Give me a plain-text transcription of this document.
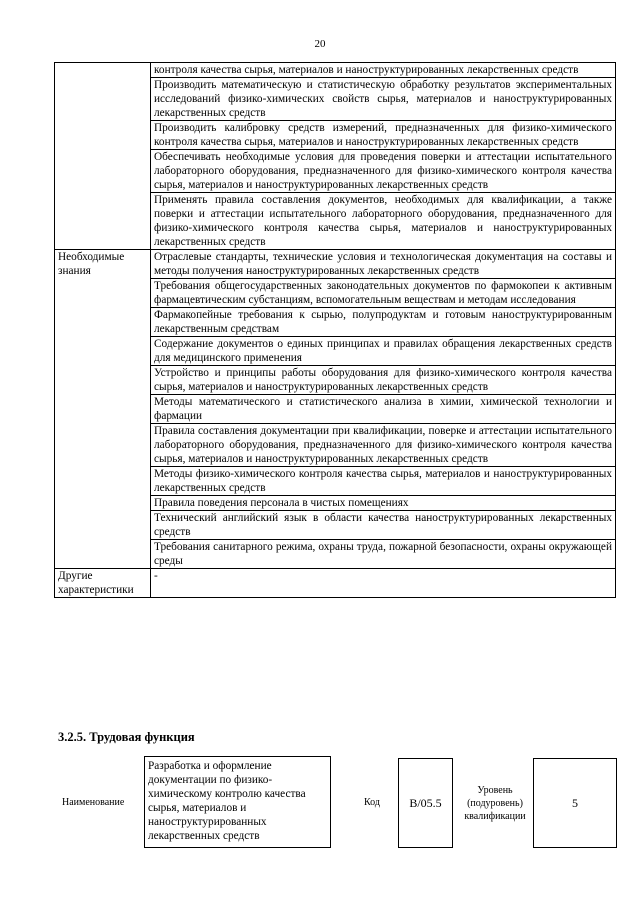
20
	контроля качества сырья, материалов и наноструктурированных лекарственных средств
	Производить математическую и статистическую обработку результатов экспериментальных исследований физико-химических свойств сырья, материалов и наноструктурированных лекарственных средств
	Производить калибровку средств измерений, предназначенных для физико-химического контроля качества сырья, материалов и наноструктурированных лекарственных средств
	Обеспечивать необходимые условия для проведения поверки и аттестации испытательного лабораторного оборудования, предназначенного для физико-химического контроля качества сырья, материалов и наноструктурированных лекарственных средств
	Применять правила составления документов, необходимых для квалификации, а также поверки и аттестации испытательного лабораторного оборудования, предназначенного для физико-химического контроля качества сырья, материалов и наноструктурированных лекарственных средств
Необходимые знания	Отраслевые стандарты, технические условия и технологическая документация на составы и методы получения наноструктурированных лекарственных средств
	Требования общегосударственных законодательных документов по фармокопеи к активным фармацевтическим субстанциям, вспомогательным веществам и методам исследования
	Фармакопейные требования к сырью, полупродуктам и готовым наноструктурированным лекарственным средствам
	Содержание документов о единых принципах и правилах обращения лекарственных средств для медицинского применения
	Устройство и принципы работы оборудования для физико-химического контроля качества сырья, материалов и наноструктурированных лекарственных средств
	Методы математического и статистического анализа в химии, химической технологии и фармации
	Правила составления документации при квалификации, поверке и аттестации испытательного лабораторного оборудования, предназначенного для физико-химического контроля качества сырья, материалов и наноструктурированных лекарственных средств
	Методы физико-химического контроля качества сырья, материалов и наноструктурированных лекарственных средств
	Правила поведения персонала в чистых помещениях
	Технический английский язык в области качества наноструктурированных лекарственных средств
	Требования санитарного режима, охраны труда, пожарной безопасности, охраны окружающей среды
Другие характеристики	-
3.2.5. Трудовая функция
Наименование
Разработка и оформление документации по физико-химическому контролю качества сырья, материалов и наноструктурированных лекарственных средств
Код	В/05.5
Уровень (подуровень) квалификации
5
